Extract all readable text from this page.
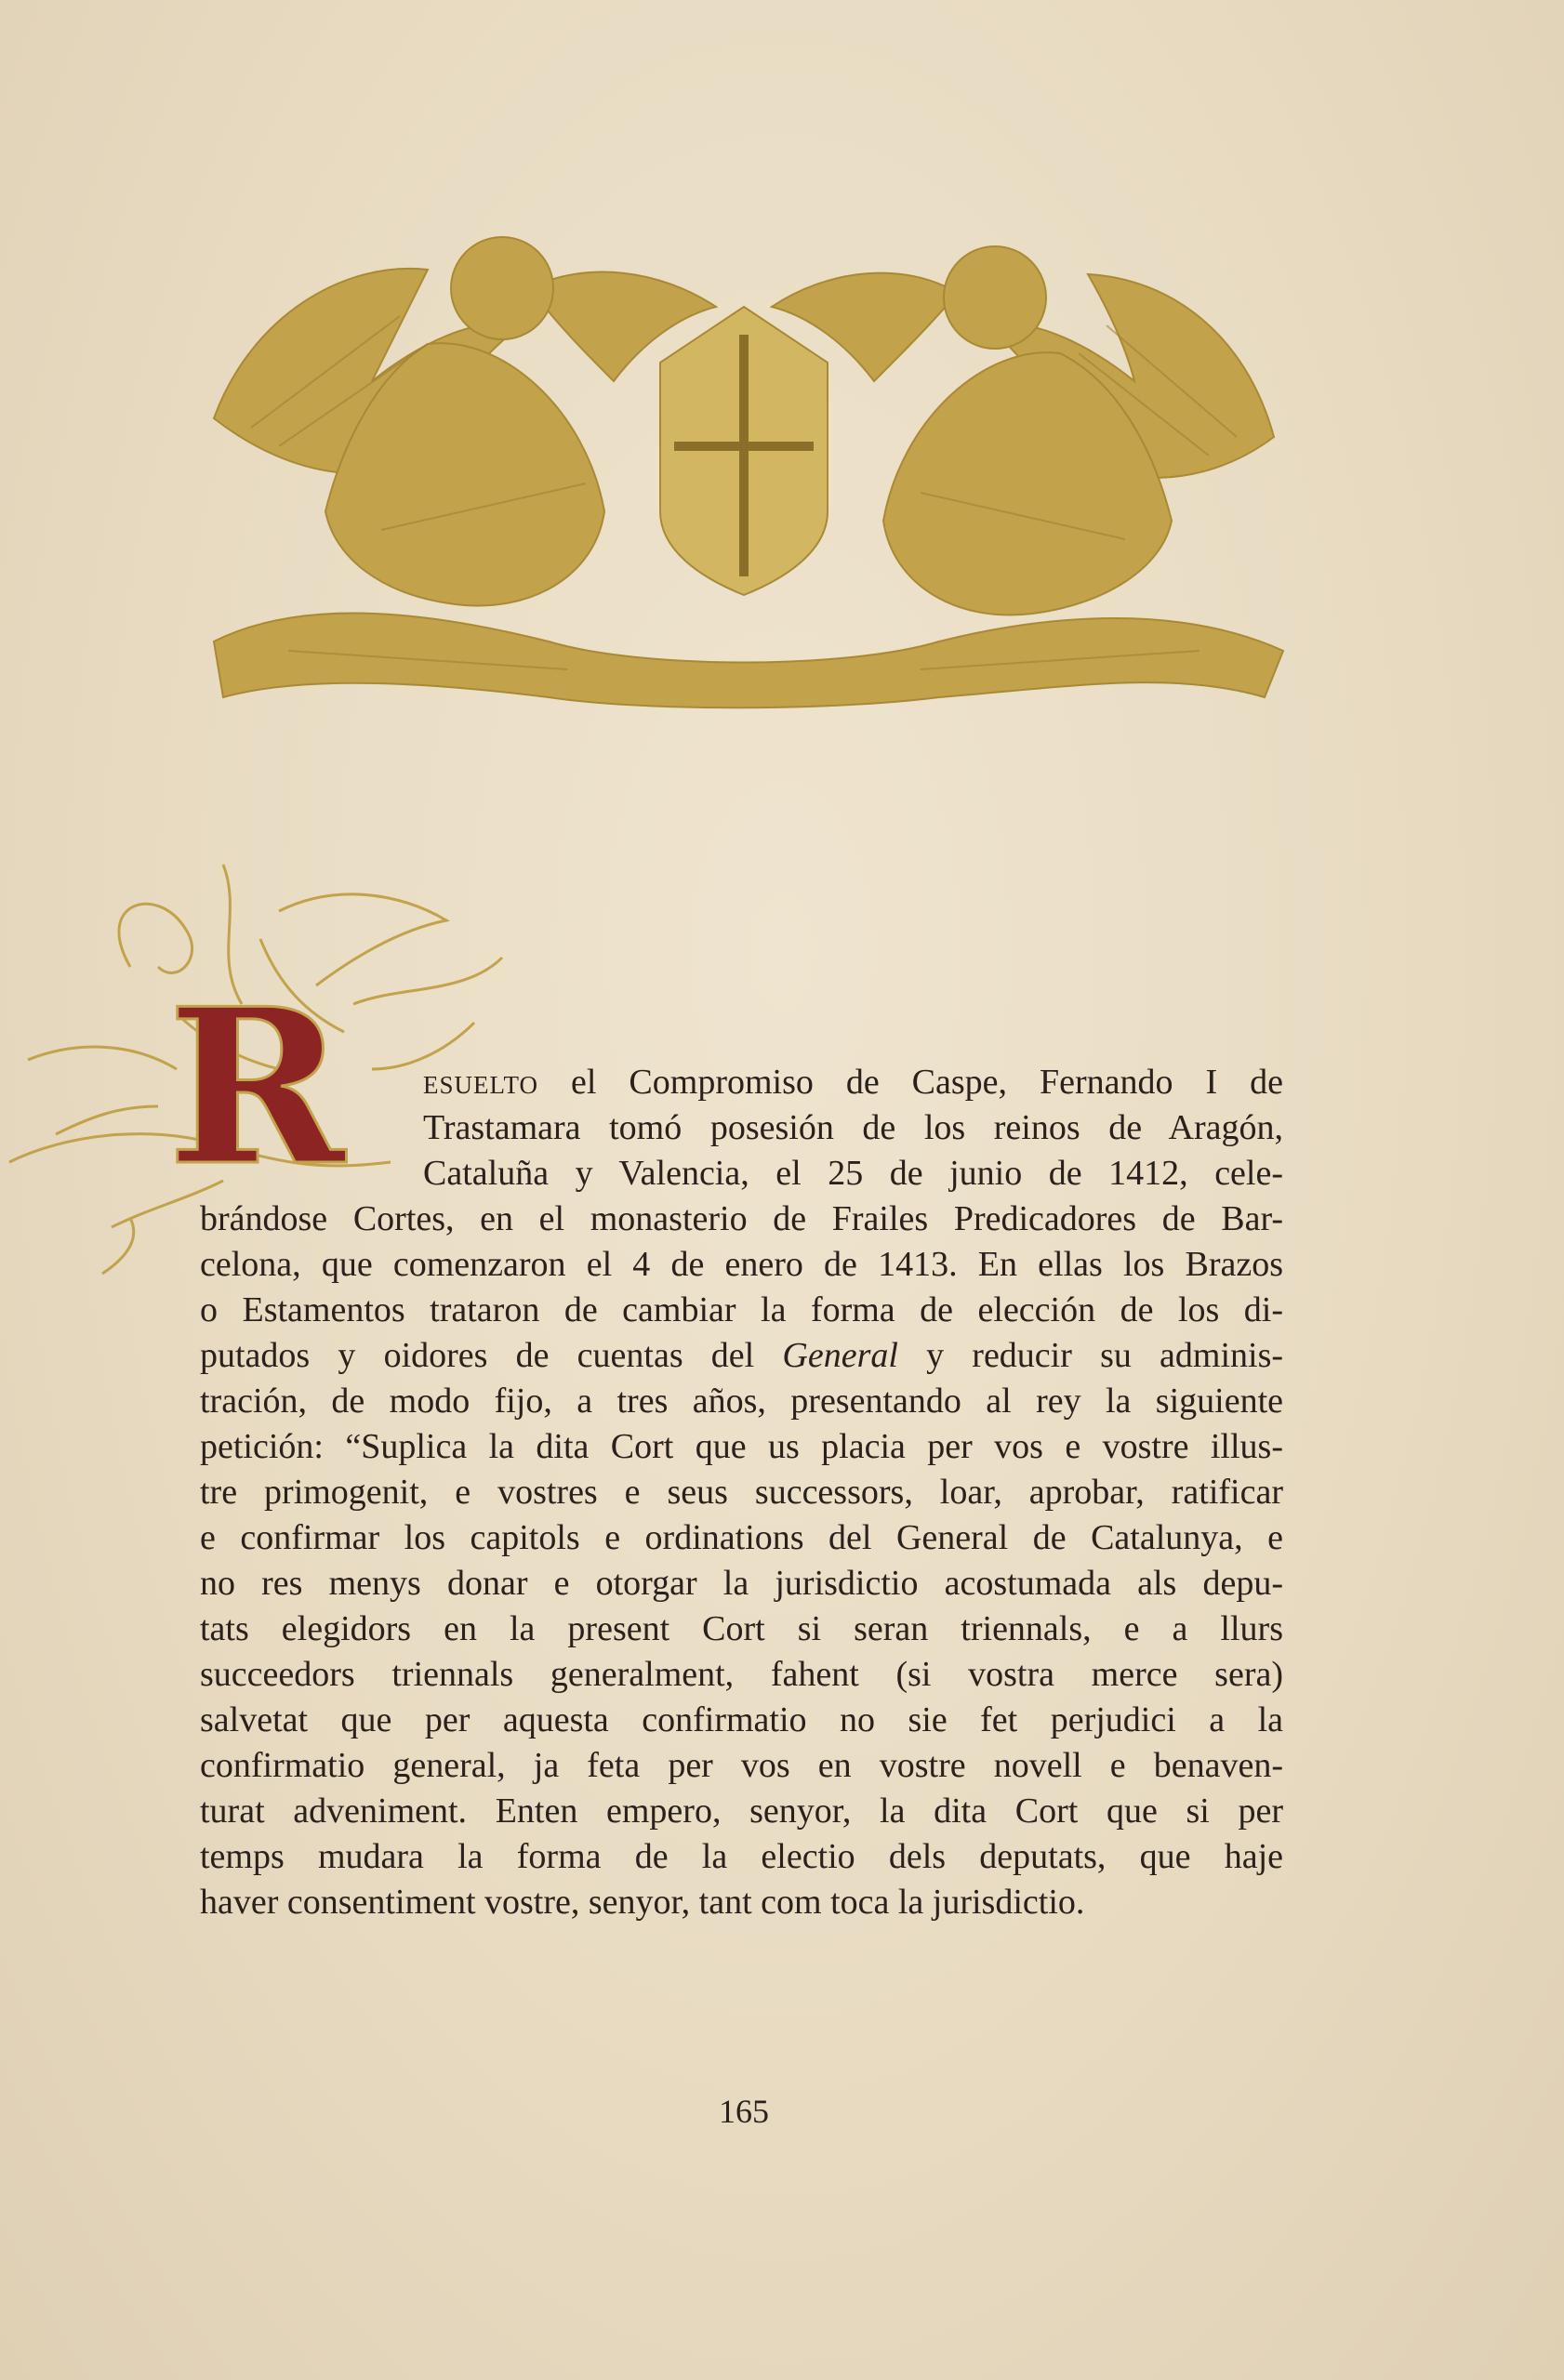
R	esuelto el Compromiso de Caspe, Fernando I de

Trastamara tomó posesión de los reinos de Aragón,

Cataluña y Valencia, el 25 de junio de 1412, cele-

brándose Cortes, en el monasterio de Frailes Predicadores de Bar-

celona, que comenzaron el 4 de enero de 1413. En ellas los Brazos

o Estamentos trataron de cambiar la forma de elección de los di-

putados y oidores de cuentas del General y reducir su adminis-

tración, de modo fijo, a tres años, presentando al rey la siguiente

petición: “Suplica la dita Cort que us placia per vos e vostre illus-

tre primogenit, e vostres e seus successors, loar, aprobar, ratificar

e confirmar los capitols e ordinations del General de Catalunya, e

no res menys donar e otorgar la jurisdictio acostumada als depu-

tats elegidors en la present Cort si seran triennals, e a llurs

succeedors triennals generalment, fahent (si vostra merce sera)

salvetat que per aquesta confirmatio no sie fet perjudici a la

confirmatio general, ja feta per vos en vostre novell e benaven-

turat adveniment. Enten empero, senyor, la dita Cort que si per

temps mudara la forma de la electio dels deputats, que haje

haver consentiment vostre, senyor, tant com toca la jurisdictio.

165
